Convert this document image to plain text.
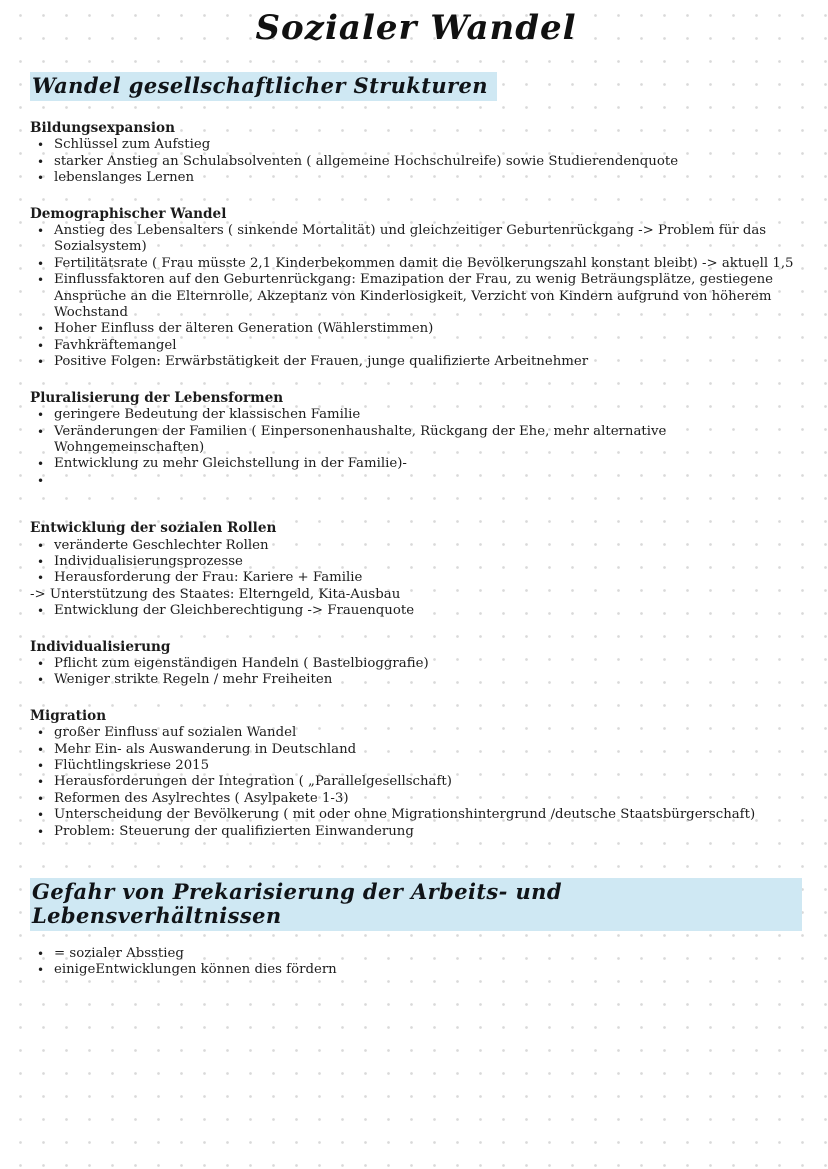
Sozialer Wandel
Wandel gesellschaftlicher Strukturen
Bildungsexpansion
• Schlüssel zum Aufstieg
• starker Anstieg an Schulabsolventen ( allgemeine Hochschulreife) sowie Studierendenquote
• lebenslanges Lernen
Demographischer Wandel
• Anstieg des Lebensalters ( sinkende Mortalität) und gleichzeitiger Geburtenrückgang -> Problem für das Sozialsystem)
• Fertilitätsrate ( Frau müsste 2,1 Kinderbekommen damit die Bevölkerungszahl konstant bleibt) -> aktuell 1,5
• Einflussfaktoren auf den Geburtenrückgang: Emazipation der Frau, zu wenig Beträungsplätze, gestiegene Ansprüche an die Elternrolle, Akzeptanz von Kinderlosigkeit, Verzicht von Kindern aufgrund von höherem Wochstand
• Hoher Einfluss der älteren Generation (Wählerstimmen)
• Favhkräftemangel
• Positive Folgen: Erwärbstätigkeit der Frauen, junge qualifizierte Arbeitnehmer
Pluralisierung der Lebensformen
• geringere Bedeutung der klassischen Familie
• Veränderungen der Familien ( Einpersonenhaushalte, Rückgang der Ehe, mehr alternative Wohngemeinschaften)
• Entwicklung zu mehr Gleichstellung in der Familie)-
•
Entwicklung der sozialen Rollen
• veränderte Geschlechter Rollen
• Individualisierungsprozesse
• Herausforderung der Frau: Kariere + Familie
-> Unterstützung des Staates: Elterngeld, Kita-Ausbau
• Entwicklung der Gleichberechtigung -> Frauenquote
Individualisierung
• Pflicht zum eigenständigen Handeln ( Bastelbioggrafie)
• Weniger strikte Regeln / mehr Freiheiten
Migration
• großer Einfluss auf sozialen Wandel
• Mehr Ein- als Auswanderung in Deutschland
• Flüchtlingskriese 2015
• Herausforderungen der Integration ( „Parallelgesellschaft)
• Reformen des Asylrechtes ( Asylpakete 1-3)
• Unterscheidung der Bevölkerung ( mit oder ohne Migrationshintergrund /deutsche Staatsbürgerschaft)
• Problem: Steuerung der qualifizierten Einwanderung
Gefahr von Prekarisierung der Arbeits- und Lebensverhältnissen
• = sozialer Absstieg
• einigeEntwicklungen können dies fördern
